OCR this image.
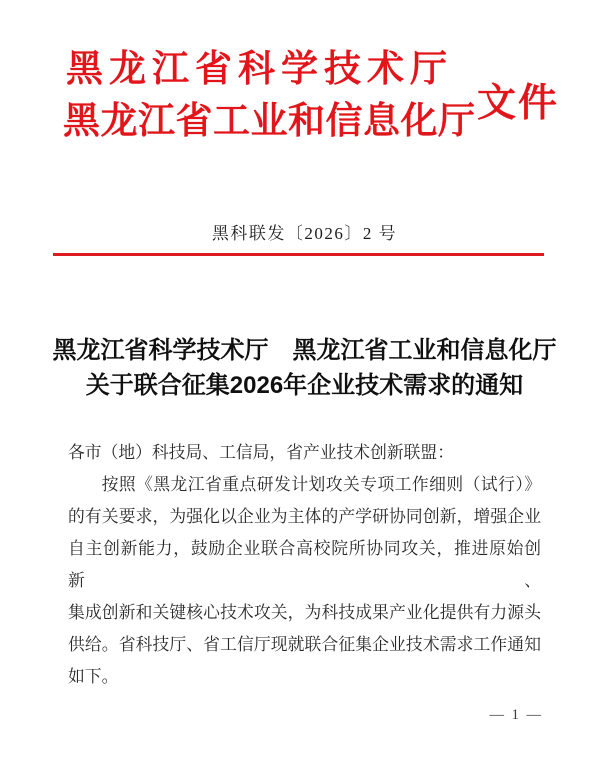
黑龙江省科学技术厅
黑龙江省工业和信息化厅 文件
黑科联发〔2026〕2 号
黑龙江省科学技术厅　黑龙江省工业和信息化厅
关于联合征集2026年企业技术需求的通知

各市（地）科技局、工信局，省产业技术创新联盟：

按照《黑龙江省重点研发计划攻关专项工作细则（试行）》

的有关要求，为强化以企业为主体的产学研协同创新，增强企业

自主创新能力，鼓励企业联合高校院所协同攻关，推进原始创新、

集成创新和关键核心技术攻关，为科技成果产业化提供有力源头

供给。省科技厅、省工信厅现就联合征集企业技术需求工作通知

如下。

— 1 —
